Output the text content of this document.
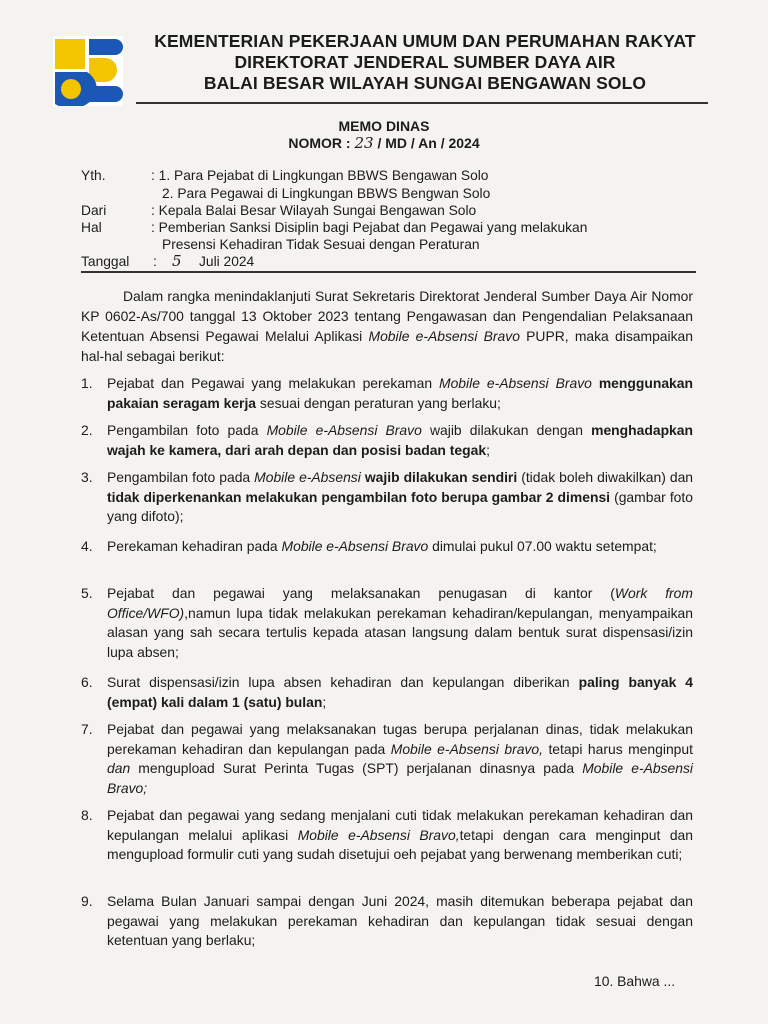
KEMENTERIAN PEKERJAAN UMUM DAN PERUMAHAN RAKYAT
DIREKTORAT JENDERAL SUMBER DAYA AIR
BALAI BESAR WILAYAH SUNGAI BENGAWAN SOLO
MEMO DINAS
NOMOR : 23 / MD / An / 2024
Yth.	: 1. Para Pejabat di Lingkungan BBWS Bengawan Solo
2. Para Pegawai di Lingkungan BBWS Bengwan Solo
Dari	: Kepala Balai Besar Wilayah Sungai Bengawan Solo
Hal	: Pemberian Sanksi Disiplin bagi Pejabat dan Pegawai yang melakukan
Presensi Kehadiran Tidak Sesuai dengan Peraturan
Tanggal : 5 Juli 2024
Dalam rangka menindaklanjuti Surat Sekretaris Direktorat Jenderal Sumber Daya Air Nomor KP 0602-As/700 tanggal 13 Oktober 2023 tentang Pengawasan dan Pengendalian Pelaksanaan Ketentuan Absensi Pegawai Melalui Aplikasi Mobile e-Absensi Bravo PUPR, maka disampaikan hal-hal sebagai berikut:
1.	Pejabat dan Pegawai yang melakukan perekaman Mobile e-Absensi Bravo menggunakan pakaian seragam kerja sesuai dengan peraturan yang berlaku;
2.	Pengambilan foto pada Mobile e-Absensi Bravo wajib dilakukan dengan menghadapkan wajah ke kamera, dari arah depan dan posisi badan tegak;
3.	Pengambilan foto pada Mobile e-Absensi wajib dilakukan sendiri (tidak boleh diwakilkan) dan tidak diperkenankan melakukan pengambilan foto berupa gambar 2 dimensi (gambar foto yang difoto);
4.	Perekaman kehadiran pada Mobile e-Absensi Bravo dimulai pukul 07.00 waktu setempat;
5.	Pejabat dan pegawai yang melaksanakan penugasan di kantor (Work from Office/WFO),namun lupa tidak melakukan perekaman kehadiran/kepulangan, menyampaikan alasan yang sah secara tertulis kepada atasan langsung dalam bentuk surat dispensasi/izin lupa absen;
6.	Surat dispensasi/izin lupa absen kehadiran dan kepulangan diberikan paling banyak 4 (empat) kali dalam 1 (satu) bulan;
7.	Pejabat dan pegawai yang melaksanakan tugas berupa perjalanan dinas, tidak melakukan perekaman kehadiran dan kepulangan pada Mobile e-Absensi bravo, tetapi harus menginput dan mengupload Surat Perinta Tugas (SPT) perjalanan dinasnya pada Mobile e-Absensi Bravo;
8.	Pejabat dan pegawai yang sedang menjalani cuti tidak melakukan perekaman kehadiran dan kepulangan melalui aplikasi Mobile e-Absensi Bravo,tetapi dengan cara menginput dan mengupload formulir cuti yang sudah disetujui oeh pejabat yang berwenang memberikan cuti;
9.	Selama Bulan Januari sampai dengan Juni 2024, masih ditemukan beberapa pejabat dan pegawai yang melakukan perekaman kehadiran dan kepulangan tidak sesuai dengan ketentuan yang berlaku;
10. Bahwa ...
